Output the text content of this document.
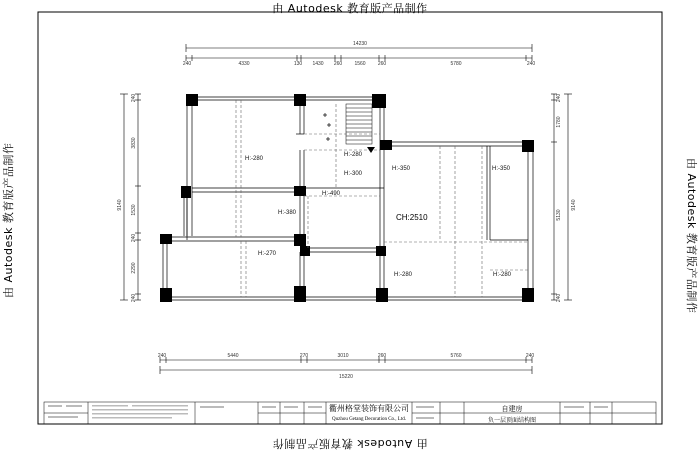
由 Autodesk 教育版产品制作
由 Autodesk 教育版产品制作
由 Autodesk 教育版产品制作	由 Autodesk 教育版产品制作
14230
240	4330	130 1430 260 1560 260	5780	240
240	5440	270	3010	260	5760	240
15220
240
3830
1530
240
2290
240
9140
240
1780
5130
240
9140
H:-280
H:-280
H:-300
H:-350	H:-350
H:-490
H:-380	CH:2510
H:-270
H:-280	H:-280
衢州格堂装饰有限公司
Quzhou Getang Decoration Co., Ltd.
自建房
负一层顶面结构图
